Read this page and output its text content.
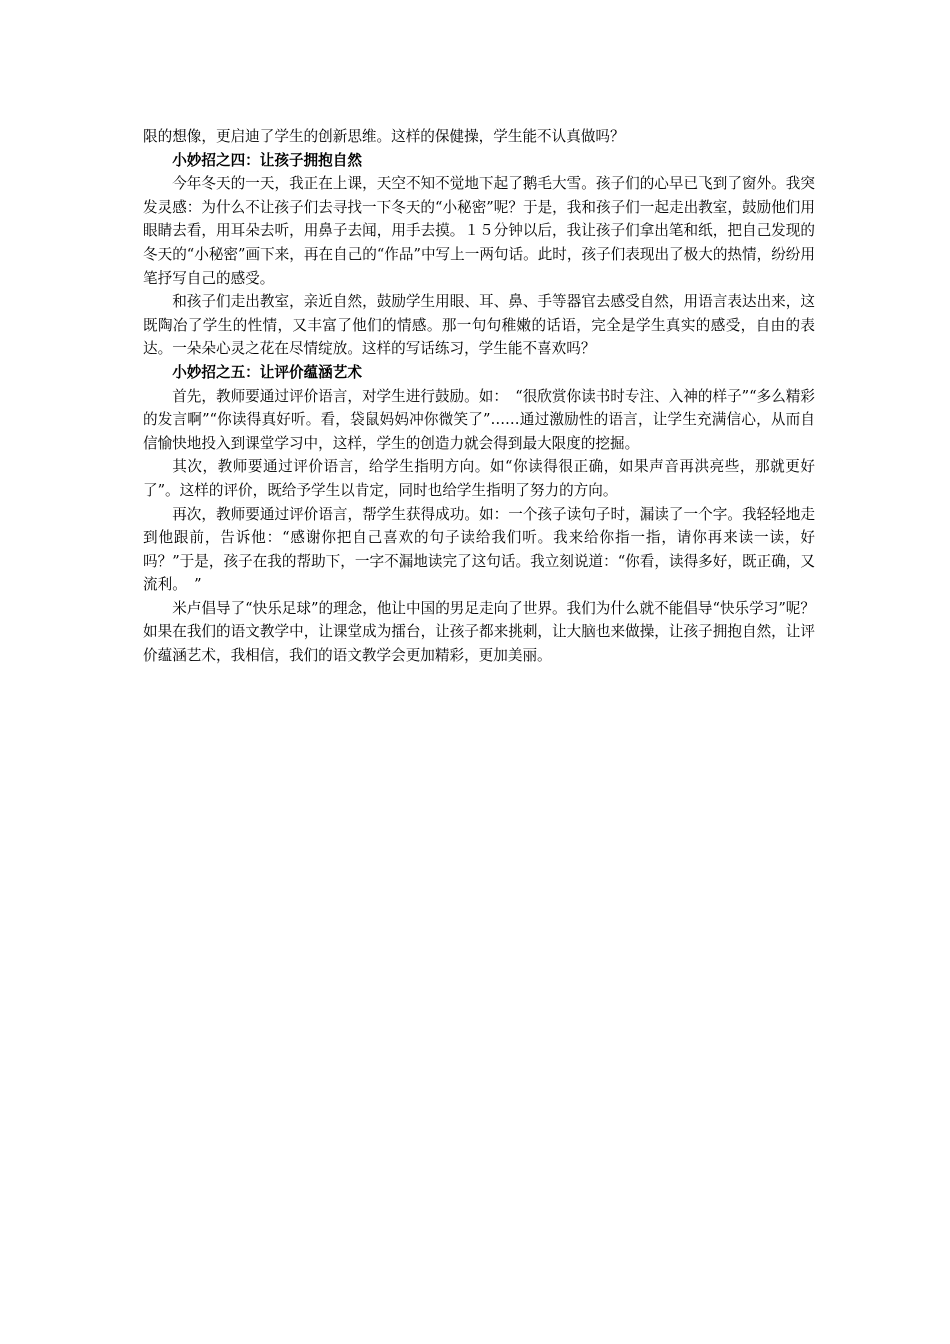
限的想像，更启迪了学生的创新思维。这样的保健操，学生能不认真做吗？

小妙招之四：让孩子拥抱自然

今年冬天的一天，我正在上课，天空不知不觉地下起了鹅毛大雪。孩子们的心早已飞到了窗外。我突发灵感：为什么不让孩子们去寻找一下冬天的“小秘密”呢？于是，我和孩子们一起走出教室，鼓励他们用眼睛去看，用耳朵去听，用鼻子去闻，用手去摸。１５分钟以后，我让孩子们拿出笔和纸，把自己发现的冬天的“小秘密”画下来，再在自己的“作品”中写上一两句话。此时，孩子们表现出了极大的热情，纷纷用笔抒写自己的感受。

和孩子们走出教室，亲近自然，鼓励学生用眼、耳、鼻、手等器官去感受自然，用语言表达出来，这既陶冶了学生的性情，又丰富了他们的情感。那一句句稚嫩的话语，完全是学生真实的感受，自由的表达。一朵朵心灵之花在尽情绽放。这样的写话练习，学生能不喜欢吗？

小妙招之五：让评价蕴涵艺术

首先，教师要通过评价语言，对学生进行鼓励。如：　“很欣赏你读书时专注、入神的样子”“多么精彩的发言啊”“你读得真好听。看，袋鼠妈妈冲你微笑了”……通过激励性的语言，让学生充满信心，从而自信愉快地投入到课堂学习中，这样，学生的创造力就会得到最大限度的挖掘。

其次，教师要通过评价语言，给学生指明方向。如“你读得很正确，如果声音再洪亮些，那就更好了”。这样的评价，既给予学生以肯定，同时也给学生指明了努力的方向。

再次，教师要通过评价语言，帮学生获得成功。如：一个孩子读句子时，漏读了一个字。我轻轻地走到他跟前，告诉他：“感谢你把自己喜欢的句子读给我们听。我来给你指一指，请你再来读一读，好吗？”于是，孩子在我的帮助下，一字不漏地读完了这句话。我立刻说道：“你看，读得多好，既正确，又流利。　”

米卢倡导了“快乐足球”的理念，他让中国的男足走向了世界。我们为什么就不能倡导“快乐学习”呢？如果在我们的语文教学中，让课堂成为擂台，让孩子都来挑刺，让大脑也来做操，让孩子拥抱自然，让评价蕴涵艺术，我相信，我们的语文教学会更加精彩，更加美丽。
